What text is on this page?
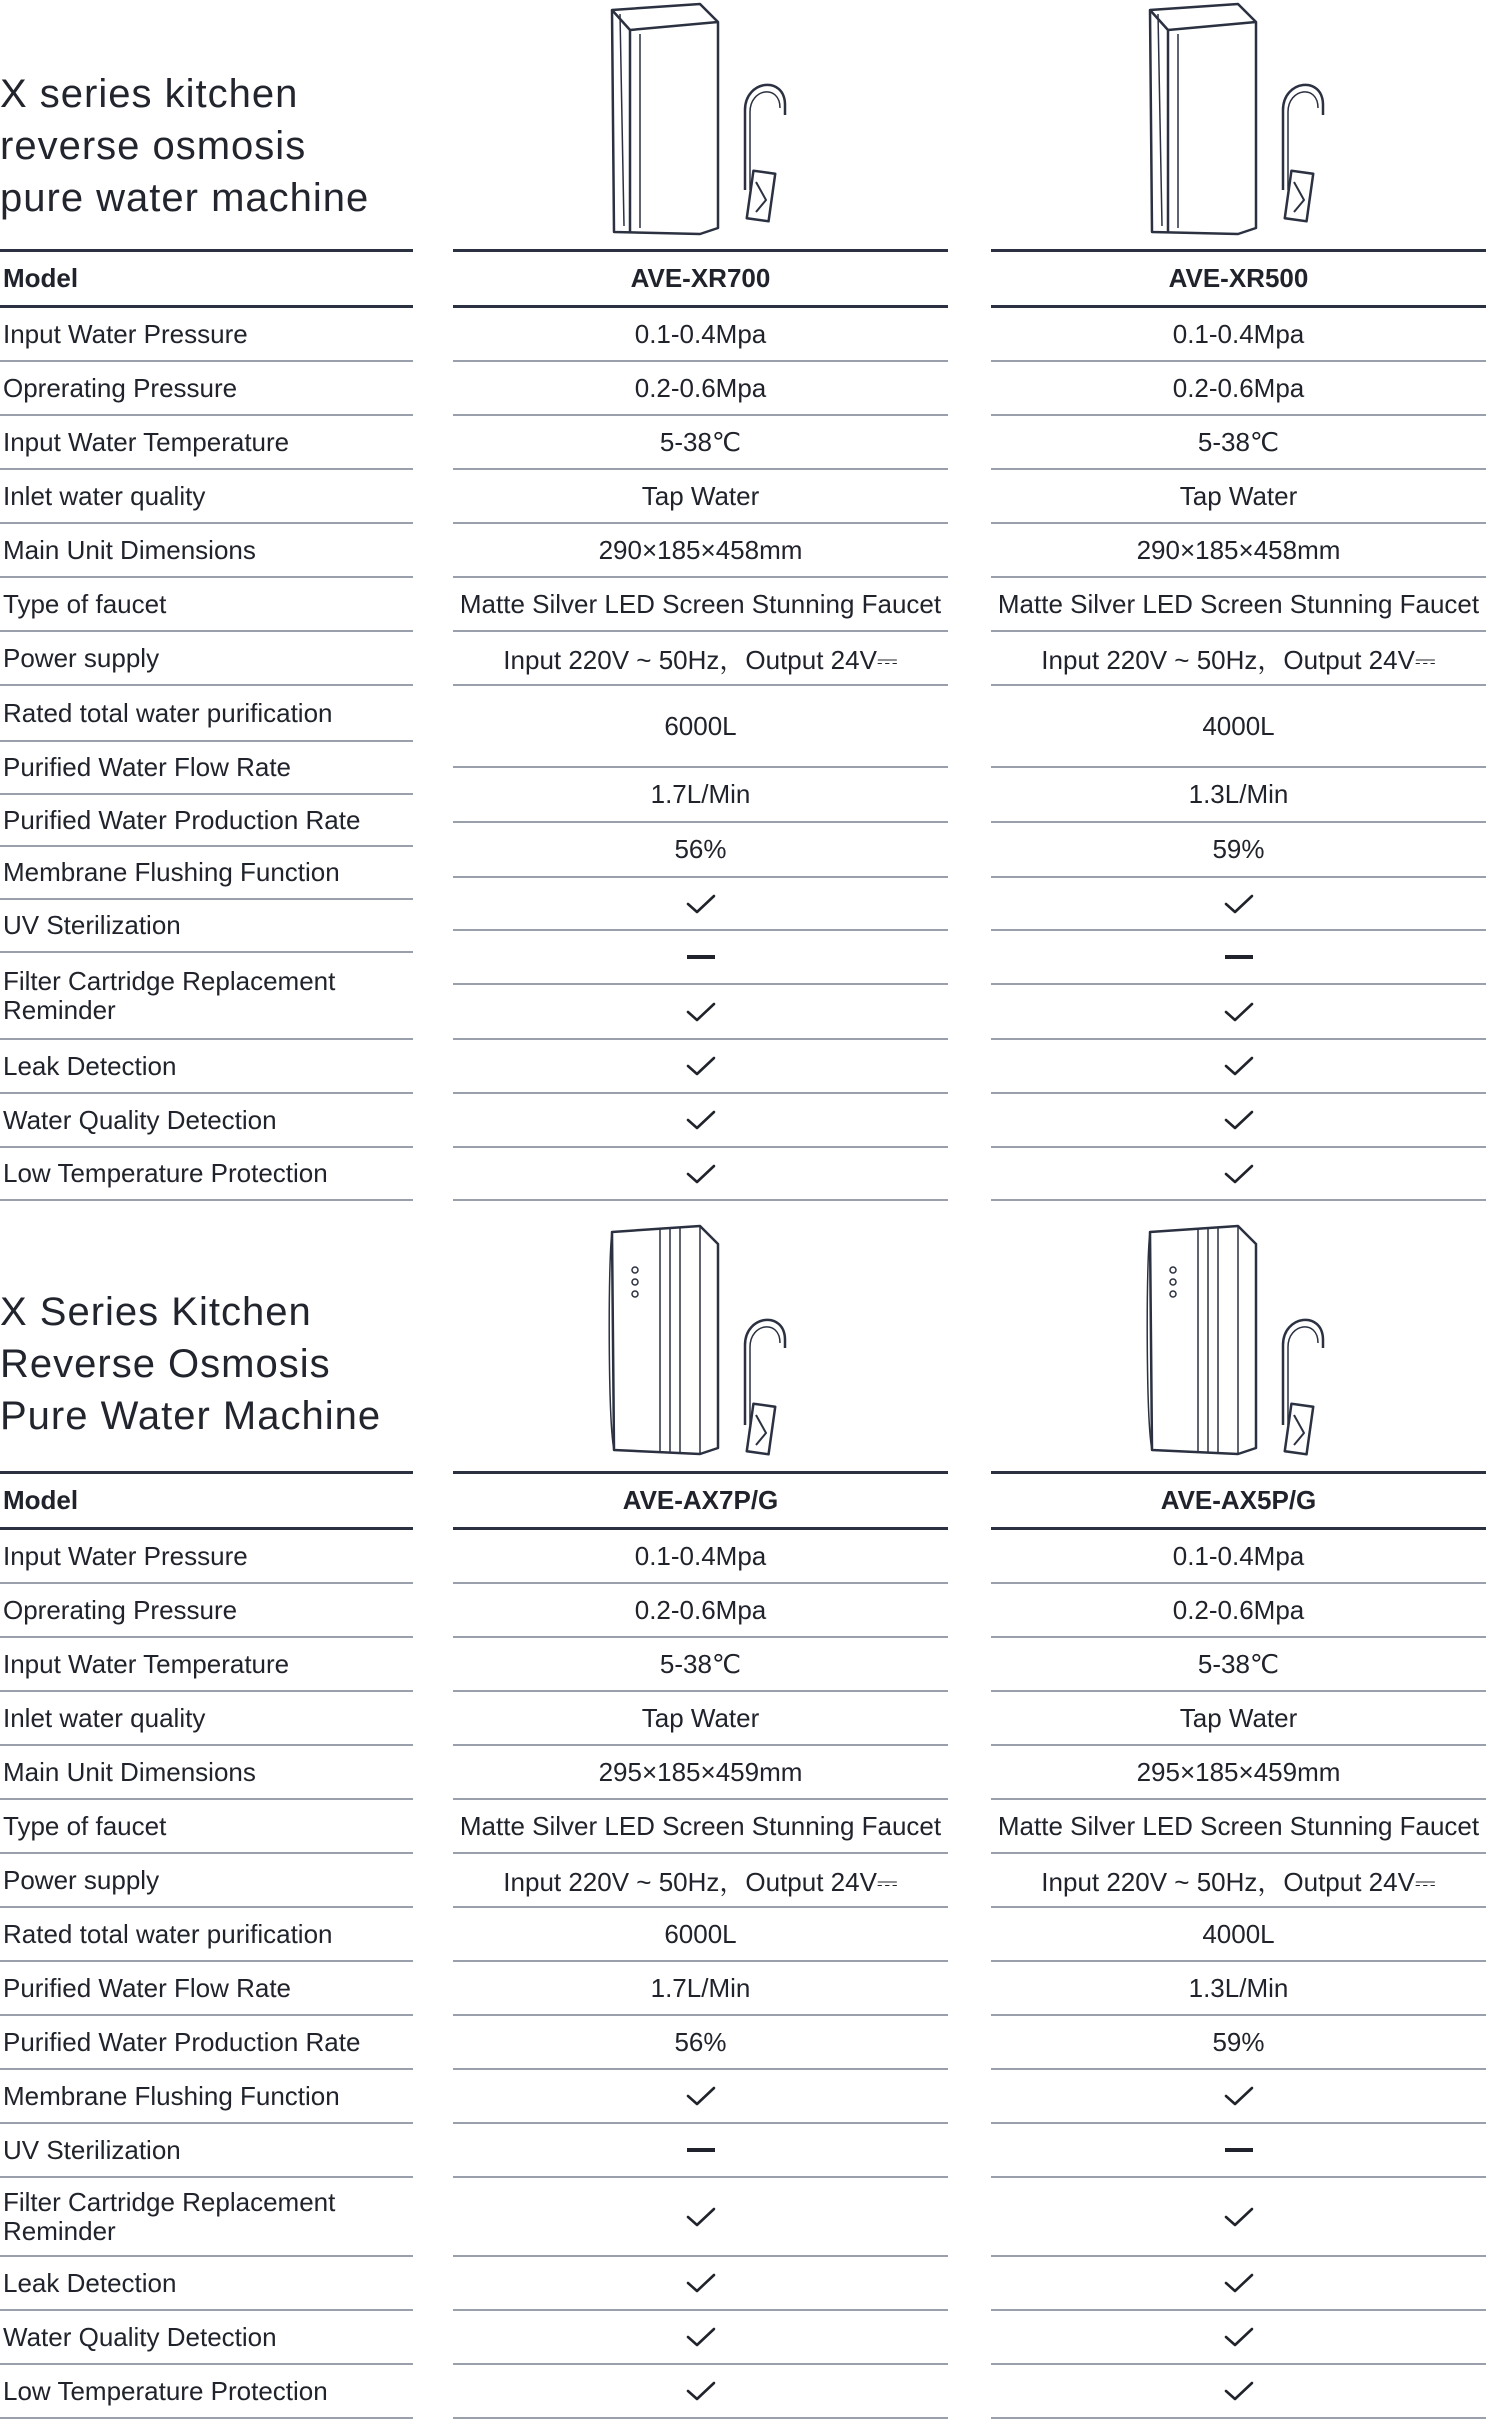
X series kitchen
reverse osmosis
pure water machine
Model
Input Water Pressure
Oprerating Pressure
Input Water Temperature
Inlet water quality
Main Unit Dimensions
Type of faucet
Power supply
Rated total water purification
Purified Water Flow Rate
Purified Water Production Rate
Membrane Flushing Function
UV Sterilization
Filter Cartridge Replacement Reminder
Leak Detection
Water Quality Detection
Low Temperature Protection
AVE-XR700
0.1-0.4Mpa
0.2-0.6Mpa
5-38℃
Tap Water
290×185×458mm
Matte Silver LED Screen Stunning Faucet
Input 220V ~ 50Hz，Output 24V⎓
6000L
1.7L/Min
56%
AVE-XR500
0.1-0.4Mpa
0.2-0.6Mpa
5-38℃
Tap Water
290×185×458mm
Matte Silver LED Screen Stunning Faucet
Input 220V ~ 50Hz，Output 24V⎓
4000L
1.3L/Min
59%
X Series Kitchen
Reverse Osmosis
Pure Water Machine
Model
Input Water Pressure
Oprerating Pressure
Input Water Temperature
Inlet water quality
Main Unit Dimensions
Type of faucet
Power supply
Rated total water purification
Purified Water Flow Rate
Purified Water Production Rate
Membrane Flushing Function
UV Sterilization
Filter Cartridge Replacement Reminder
Leak Detection
Water Quality Detection
Low Temperature Protection
AVE-AX7P/G
0.1-0.4Mpa
0.2-0.6Mpa
5-38℃
Tap Water
295×185×459mm
Matte Silver LED Screen Stunning Faucet
Input 220V ~ 50Hz，Output 24V⎓
6000L
1.7L/Min
56%
AVE-AX5P/G
0.1-0.4Mpa
0.2-0.6Mpa
5-38℃
Tap Water
295×185×459mm
Matte Silver LED Screen Stunning Faucet
Input 220V ~ 50Hz，Output 24V⎓
4000L
1.3L/Min
59%
